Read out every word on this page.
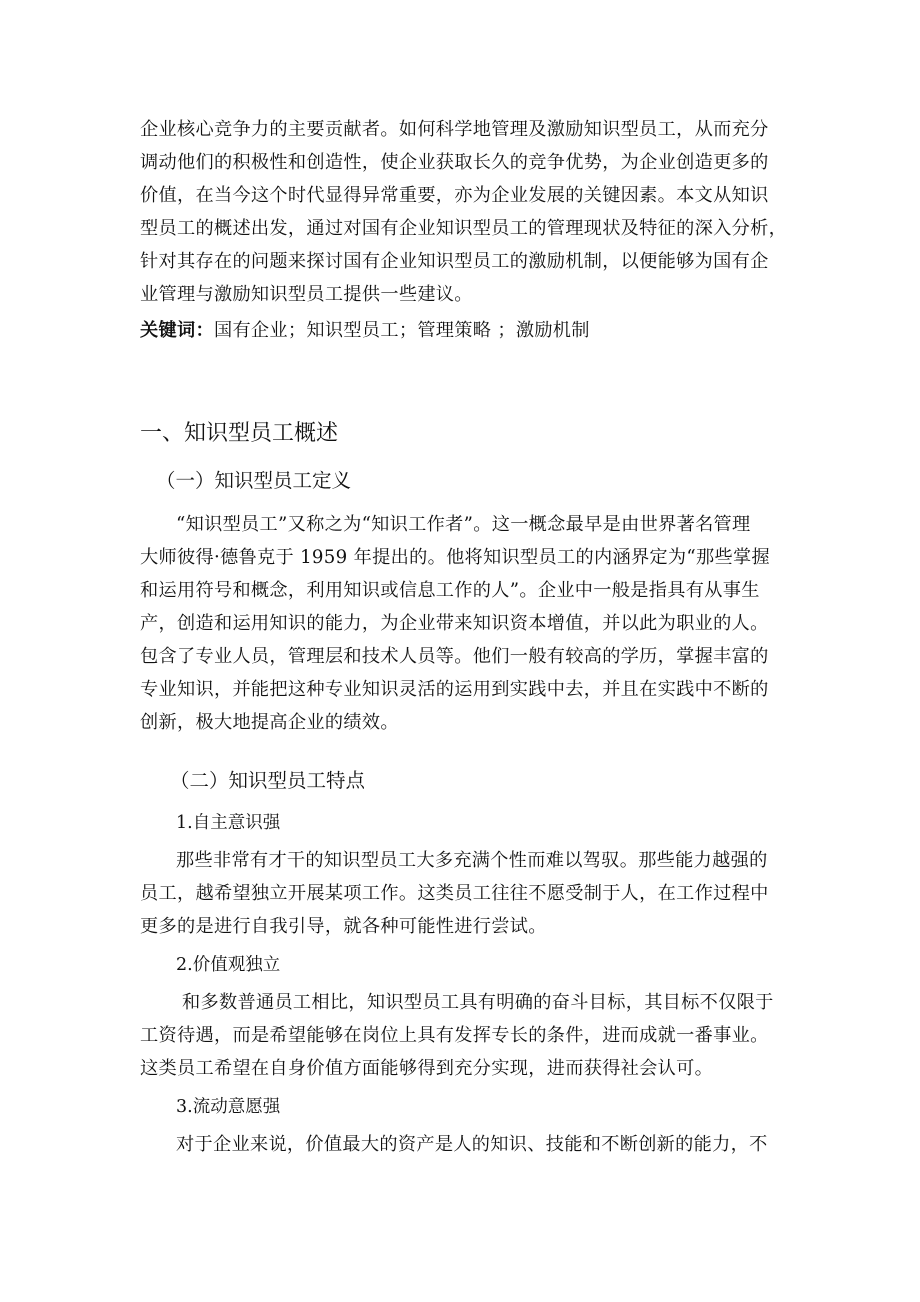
企业核心竞争力的主要贡献者。如何科学地管理及激励知识型员工，从而充分
调动他们的积极性和创造性，使企业获取长久的竞争优势，为企业创造更多的
价值，在当今这个时代显得异常重要，亦为企业发展的关键因素。本文从知识
型员工的概述出发，通过对国有企业知识型员工的管理现状及特征的深入分析，
针对其存在的问题来探讨国有企业知识型员工的激励机制，以便能够为国有企
业管理与激励知识型员工提供一些建议。
关键词：国有企业；知识型员工；管理策略 ；激励机制
一、知识型员工概述
（一）知识型员工定义
“知识型员工”又称之为“知识工作者”。这一概念最早是由世界著名管理
大师彼得·德鲁克于 1959 年提出的。他将知识型员工的内涵界定为“那些掌握
和运用符号和概念，利用知识或信息工作的人”。企业中一般是指具有从事生
产，创造和运用知识的能力，为企业带来知识资本增值，并以此为职业的人。
包含了专业人员，管理层和技术人员等。他们一般有较高的学历，掌握丰富的
专业知识，并能把这种专业知识灵活的运用到实践中去，并且在实践中不断的
创新，极大地提高企业的绩效。
（二）知识型员工特点
1.自主意识强
那些非常有才干的知识型员工大多充满个性而难以驾驭。那些能力越强的
员工，越希望独立开展某项工作。这类员工往往不愿受制于人，在工作过程中
更多的是进行自我引导，就各种可能性进行尝试。
2.价值观独立
和多数普通员工相比，知识型员工具有明确的奋斗目标，其目标不仅限于
工资待遇，而是希望能够在岗位上具有发挥专长的条件，进而成就一番事业。
这类员工希望在自身价值方面能够得到充分实现，进而获得社会认可。
3.流动意愿强
对于企业来说，价值最大的资产是人的知识、技能和不断创新的能力，不
